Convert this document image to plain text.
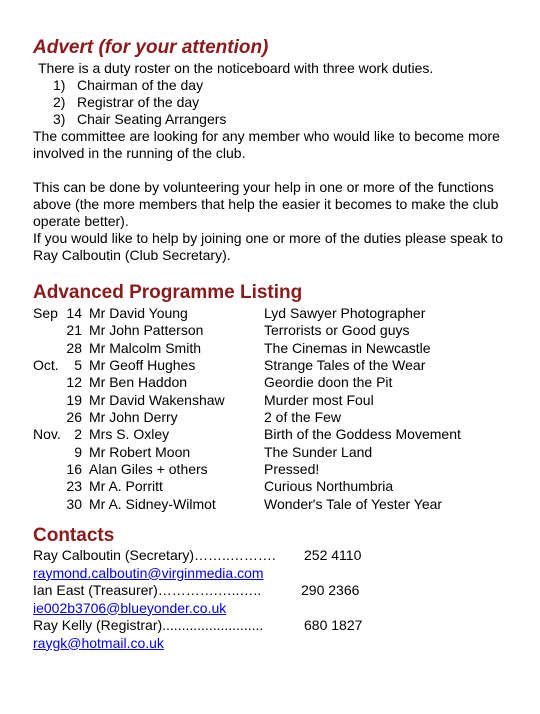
Advert (for your attention)

There is a duty roster on the noticeboard with three work duties.

1) Chairman of the day
2) Registrar of the day
3) Chair Seating Arrangers

The committee are looking for any member who would like to become more involved in the running of the club.

This can be done by volunteering your help in one or more of the functions above (the more members that help the easier it becomes to make the club operate better).

If you would like to help by joining one or more of the duties please speak to Ray Calboutin (Club Secretary).

Advanced Programme Listing
Sep 14 Mr David Young	Lyd Sawyer Photographer
21 Mr John Patterson	Terrorists or Good guys
28 Mr Malcolm Smith	The Cinemas in Newcastle
Oct.	5 Mr Geoff Hughes	Strange Tales of the Wear
12 Mr Ben Haddon	Geordie doon the Pit
19 Mr David Wakenshaw	Murder most Foul
26 Mr John Derry	2 of the Few
Nov. 2 Mrs S. Oxley	Birth of the Goddess Movement
9 Mr Robert Moon	The Sunder Land
16 Alan Giles + others	Pressed!
23 Mr A. Porritt	Curious Northumbria
30 Mr A. Sidney-Wilmot	Wonder's Tale of Yester Year
Contacts
Ray Calboutin (Secretary)……..………. 252 4110
raymond.calboutin@virginmedia.com
Ian East (Treasurer)………….…..…..	290 2366
ie002b3706@blueyonder.co.uk
Ray Kelly (Registrar)..........................	680 1827
raygk@hotmail.co.uk
